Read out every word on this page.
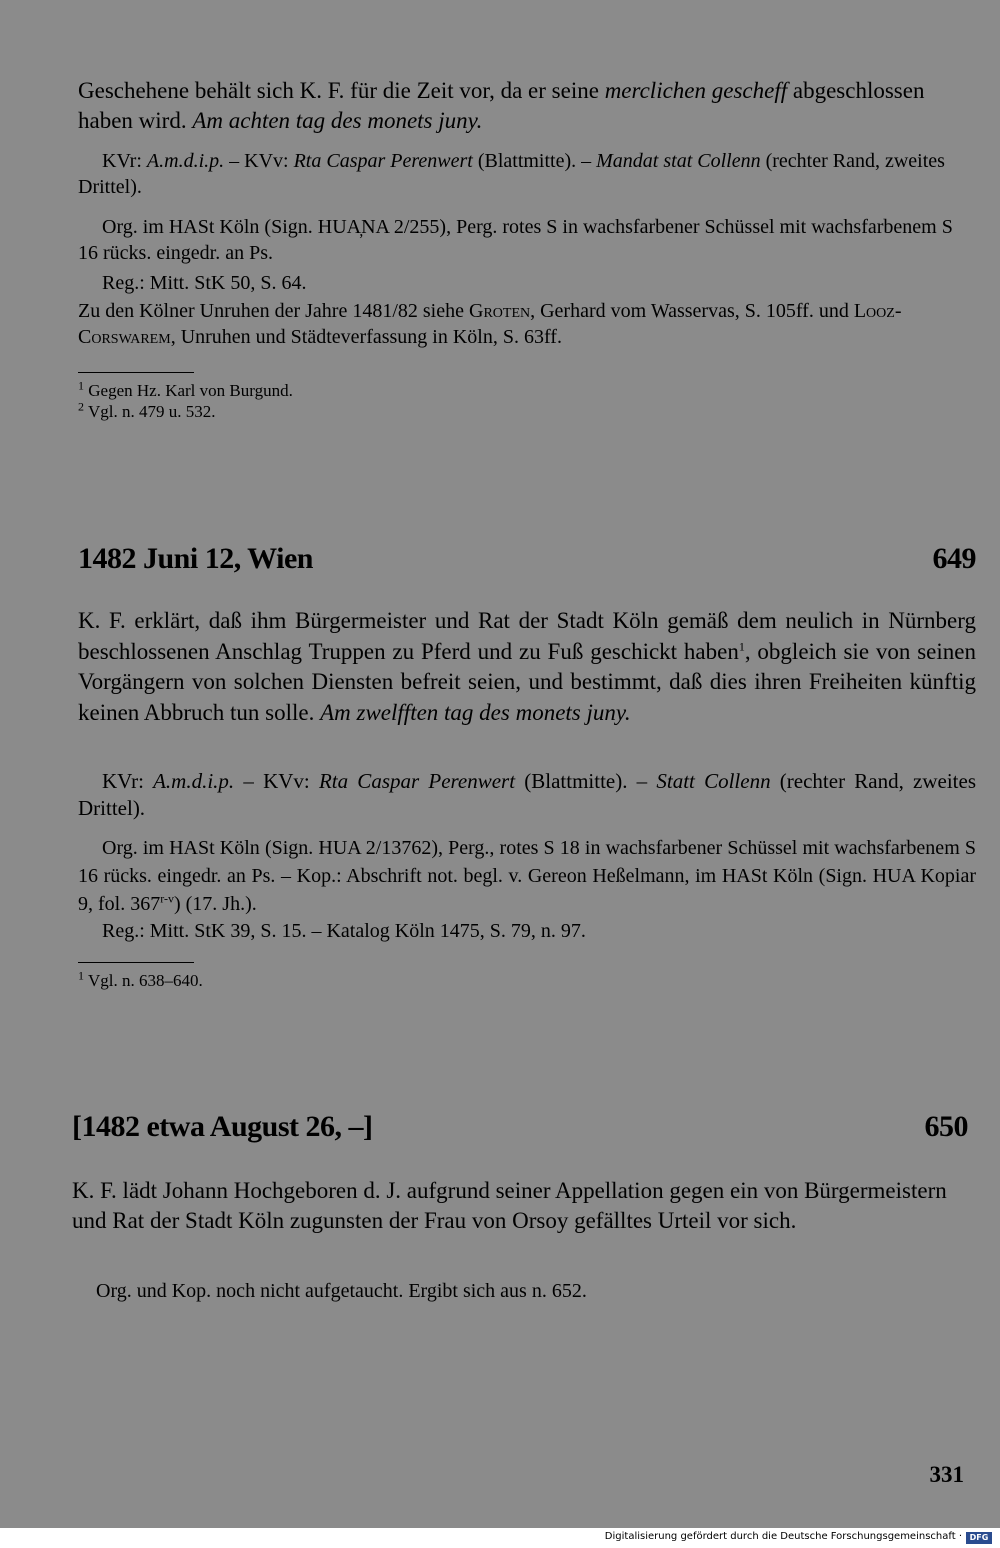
Geschehene behält sich K. F. für die Zeit vor, da er seine merclichen gescheff abgeschlossen haben wird. Am achten tag des monets juny.

KVr: A.m.d.i.p. – KVv: Rta Caspar Perenwert (Blattmitte). – Mandat stat Collenn (rechter Rand, zweites Drittel).

Org. im HASt Köln (Sign. HUA̦NA 2/255), Perg. rotes S in wachsfarbener Schüssel mit wachsfarbenem S 16 rücks. eingedr. an Ps.

Reg.: Mitt. StK 50, S. 64.

Zu den Kölner Unruhen der Jahre 1481/82 siehe Groten, Gerhard vom Wasservas, S. 105ff. und Looz-Corswarem, Unruhen und Städteverfassung in Köln, S. 63ff.

$^1$ Gegen Hz. Karl von Burgund.

$^2$ Vgl. n. 479 u. 532.

1482 Juni 12, Wien	649

K. F. erklärt, daß ihm Bürgermeister und Rat der Stadt Köln gemäß dem neulich in Nürnberg beschlossenen Anschlag Truppen zu Pferd und zu Fuß geschickt haben$^1$, obgleich sie von seinen Vorgängern von solchen Diensten befreit seien, und bestimmt, daß dies ihren Freiheiten künftig keinen Abbruch tun solle. Am zwelfften tag des monets juny.

KVr: A.m.d.i.p. – KVv: Rta Caspar Perenwert (Blattmitte). – Statt Collenn (rechter Rand, zweites Drittel).

Org. im HASt Köln (Sign. HUA 2/13762), Perg., rotes S 18 in wachsfarbener Schüssel mit wachsfarbenem S 16 rücks. eingedr. an Ps. – Kop.: Abschrift not. begl. v. Gereon Heßelmann, im HASt Köln (Sign. HUA Kopiar 9, fol. 367$^{r-v}$) (17. Jh.).

Reg.: Mitt. StK 39, S. 15. – Katalog Köln 1475, S. 79, n. 97.

$^1$ Vgl. n. 638–640.

[1482 etwa August 26, –]	650

K. F. lädt Johann Hochgeboren d. J. aufgrund seiner Appellation gegen ein von Bürgermeistern und Rat der Stadt Köln zugunsten der Frau von Orsoy gefälltes Urteil vor sich.

Org. und Kop. noch nicht aufgetaucht. Ergibt sich aus n. 652.

331
Digitalisierung gefördert durch die Deutsche Forschungsgemeinschaft · DFG
